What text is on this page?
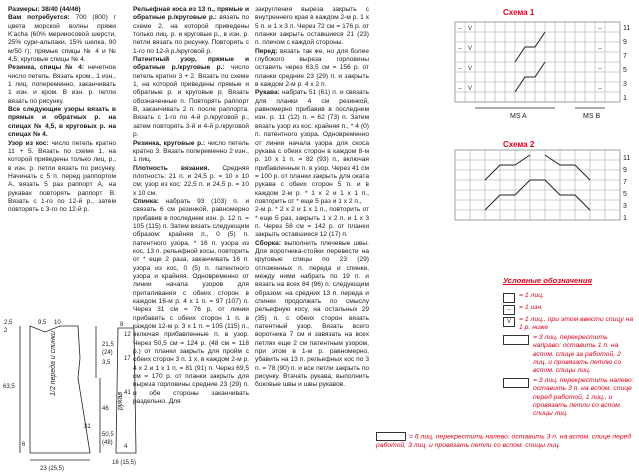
Размеры: 38/40 (44/46)

Вам потребуется: 700 (800) г цвета морской волны пряжи K'acha (60% мериносовой шерсти, 25% сури-альпаки, 15% шелка, 90 м/50 г); прямые спицы № 4 и № 4,5; круговые спицы № 4.

Резинка, спицы № 4: нечетное число петель. Вязать кром., 1 изн., 1 лиц. попеременно, заканчивать 1 изн. и кром. В изн. р. петли вязать по рисунку.

Все следующие узоры вязать в прямых и обратных р. на спицах № 4,5, в круговых р. на спицах № 4.

Узор из кос: число петель кратно 11 + 5. Вязать по схеме 1, на которой приведены только лиц. р., в изн. р. петли вязать по рисунку. Начинать с 5 п. перед раппортом А, вязать 5 раз раппорт А, на рукавах повторять раппорт В. Вязать с 1-го по 12-й р., затем повторять с 3-го по 12-й р.

Рельефная коса из 13 п., прямые и обратные р./круговые р.: вязать по схеме 2, на которой приведены только лиц. р. и круговые р., в изн. р. петли вязать по рисунку. Повторять с 1-го по 12-й р./круговой р.

Патентный узор, прямые и обратные р./круговые р.: число петель кратно 3 + 2. Вязать по схеме 1, на которой приведены прямые и обратные р. и круговые р. Вязать обозначенные п. Повторять раппорт В, заканчивать 2 п. после раппорта. Вязать с 1-го по 4-й р./круговой р., затем повторять 3-й и 4-й р./круговой р.

Резинка, круговые р.: число петель кратно 3. Вязать попеременно 2 изн., 1 лиц.

Плотность вязания. Средняя плотность: 21 п. и 24,5 р. = 10 х 10 см; узор из кос: 22,5 п. и 24,5 р. = 10 х 10 см.

Спинка: набрать 93 (103) п. и связать 6 см резинкой, равномерно прибавив в последнем изн. р. 12 п. = 105 (115) п. Затем вязать следующим образом: крайняя п., 0 (5) п. патентного узора, * 16 п. узора из кос, 13 п. рельефной косы, повторить от * еще 2 раза, заканчивать 16 п. узора из кос, 0 (5) п. патентного узора и крайняя. Одновременно от линии начала узоров для приталивания с обеих сторон в каждом 16-м р. 4 х 1 п. = 97 (107) п. Через 31 см = 76 р. от линии прибавить с обеих сторон 1 п. в каждом 12-м р. 3 х 1 п. = 105 (115) п., включая прибавленные п. в узор. Через 50,5 см = 124 р. (48 см = 118 р.) от планки закрыть для пройм с обеих сторон 3 п. 1 х, в каждом 2-м р. 4 х 2 и 1 х 1 п. = 81 (91) п. Через 69,5 см = 170 р. от планки закрыть для выреза горловины средние 23 (29) п. и обе стороны заканчивать раздельно. Для

закругления выреза закрыть с внутреннего края в каждом 2-м р. 1 х 5 п. и 1 х 3 п. Через 72 см = 176 р. от планки закрыть оставшиеся 21 (23) п. плечом с каждой стороны.

Перед: вязать так же, но для более глубокого выреза горловины оставить через 63,5 см = 156 р. от планки средние 23 (29) п. и закрыть в каждом 2-м р. 4 х 2 п.

Рукава: набрать 51 (61) п. и связать для планки 4 см резинкой, равномерно прибавив в последнем изн. р. 11 (12) п. = 62 (73) п. Затем вязать узор из кос: крайняя п., * 4 (0) п. патентного узора. Одновременно от линии начала узора для скоса рукава с обеих сторон в каждом 8-м р. 10 х 1 п. = 82 (93) п., включая прибавленные п. в узор. Через 41 см = 100 р. от планки закрыть для оката рукава с обеих сторон 5 п. и в каждом 2-м р. * 1 х 2 и 1 х 1 п., повторить от * еще 5 раз и 1 х 2 п.,

2-м р. * 2 х 2 и 1 х 1 п., повторить от * еще 5 раз, закрыть 1 х 2 п. и 1 х 3 п. Через 58 см = 142 р. от планки закрыть оставшиеся 12 (17) п.

Сборка: выполнить плечевые швы. Для воротника-стойки перевести на круговые спицы по 23 (29) отложенных п. переда и спинки, между ними набрать по 19 п. и вязать на всех 84 (96) п. следующим образом: на средних 13 п. переда и спинки продолжать по смыслу рельефную косу, на остальных 29 (35) п. с обеих сторон вязать патентный узор. Вязать всего воротника 7 см и завязать на всех петлях еще 2 см патентным узором, при этом в 1-м р. равномерно, убавить на 13 п. рельефных кос по 3 п. = 78 (90) п. и все петли закрыть по рисунку. Втачать рукава, выполнить боковые швы и швы рукавов.

Схема 1
Схема 2
– V
– V
– V
– V
–
–
–
–
11
9
7
5
3
1
MS A	MS B
11
9
7
5
3
1
Условные обозначения
= 1 лиц.
–	= 1 изн.
V	= 1 лиц., при этом ввести спицу на 1 р. ниже
= 3 лиц. перекрестить направо: оставить 1 п. на вспом. спице за работой, 2 лиц. и провязать петлю со вспом. спицы лиц.
= 3 лиц. перекрестить налево: оставить 3 п. на вспом. спице перед работой, 1 лиц., и провязать петли со вспом. спицы лиц.
= 6 лиц. перекрестить налево: оставить 3 п. на вспом. спице перед работой, 3 лиц. и провязать петли со вспом. спицы лиц.
9,5 10
2,5
2
63,5
21,5
(24)
3,5
46
31
50,5
(48)
23 (25,5)
6
1/2 переда и спинки
рукав
8
41
17
4
12
16 (15,5)
